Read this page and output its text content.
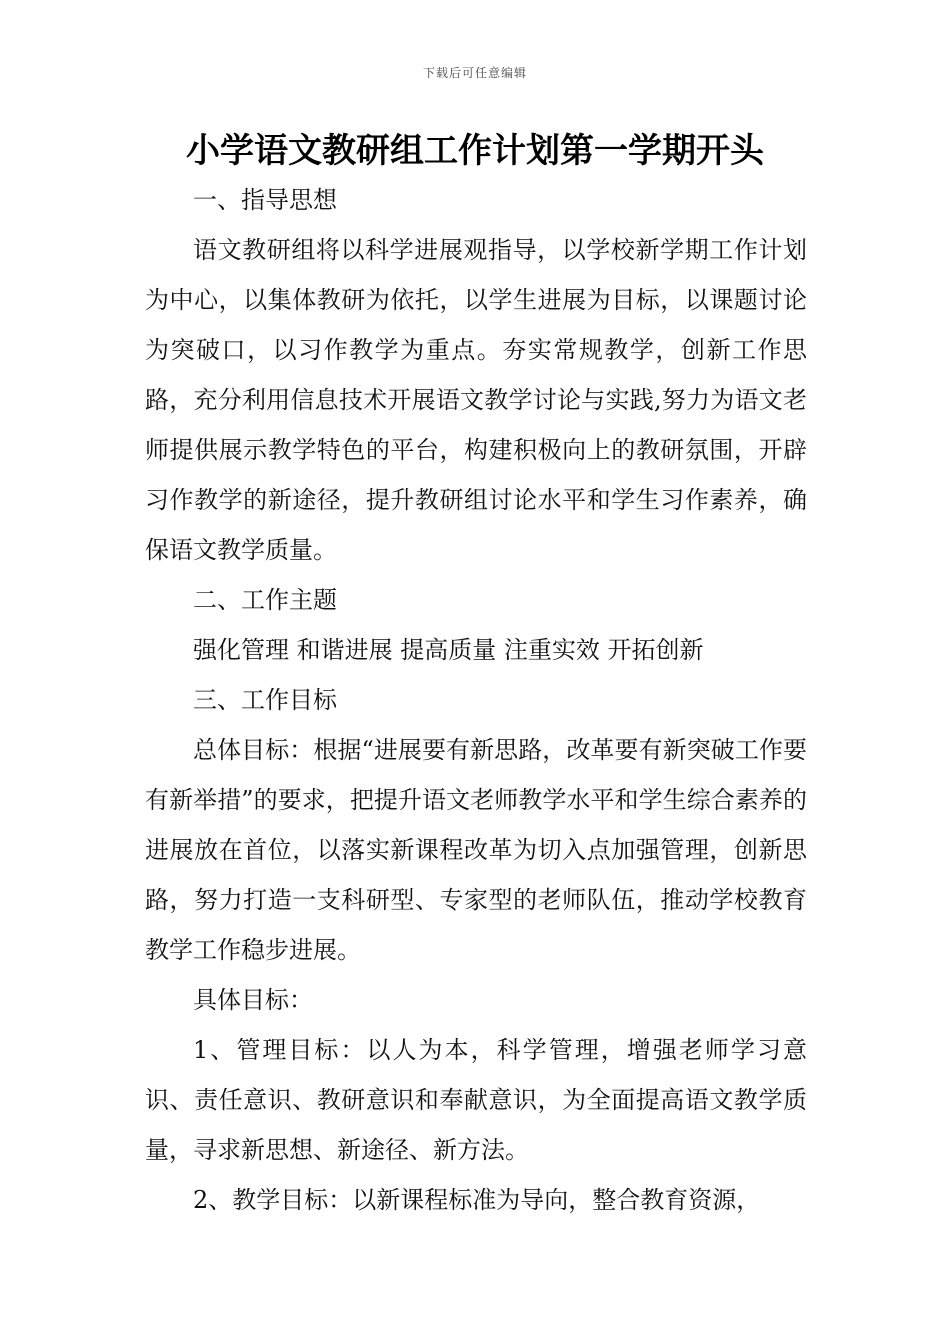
下载后可任意编辑
小学语文教研组工作计划第一学期开头

一、指导思想

语文教研组将以科学进展观指导，以学校新学期工作计划为中心，以集体教研为依托，以学生进展为目标，以课题讨论为突破口，以习作教学为重点。夯实常规教学，创新工作思路，充分利用信息技术开展语文教学讨论与实践,努力为语文老师提供展示教学特色的平台，构建积极向上的教研氛围，开辟习作教学的新途径，提升教研组讨论水平和学生习作素养，确保语文教学质量。

二、工作主题

强化管理 和谐进展 提高质量 注重实效 开拓创新

三、工作目标

总体目标：根据“进展要有新思路，改革要有新突破工作要有新举措”的要求，把提升语文老师教学水平和学生综合素养的进展放在首位，以落实新课程改革为切入点加强管理，创新思路，努力打造一支科研型、专家型的老师队伍，推动学校教育教学工作稳步进展。

具体目标：

1、管理目标：以人为本，科学管理，增强老师学习意识、责任意识、教研意识和奉献意识，为全面提高语文教学质量，寻求新思想、新途径、新方法。

2、教学目标：以新课程标准为导向，整合教育资源，
